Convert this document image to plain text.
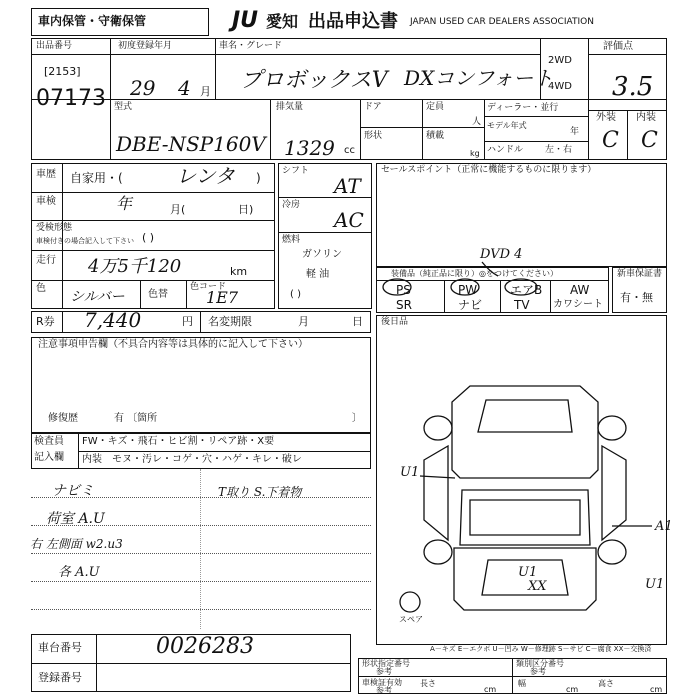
車内保管・守衛保管	JU 愛知 出品申込書 JAPAN USED CAR DEALERS ASSOCIATION
出品番号
[2153]
07173
初度登録年月
29 4 月
車名・グレード
プロボックスV DXコンフォート
2WD
4WD
評価点
3.5
外装 内装
C C
型式
DBE-NSP160V
排気量
1329 cc
ドア
形状
定員
人
積載
kg
ディーラー・並行
モデル年式
年
ハンドル 左・右
車歴 自家用・(	レンタ )
車検	年	月(	日)
受検形態
車検付きの場合記入して下さい ( )
走行 4万5千120	km
色
シルバー 色替
色コード
1E7
シフト
AT
冷房
AC
燃料
ガソリン
軽 油
( )
セールスポイント（正常に機能するものに限ります）
DVD 4
装備品（純正品に限り）◎をつけてください）
PS	PW	エアB AW
SR	ナビ	TV カワシート
新車保証書
有・無
R券 7,440	円 名変期限	月	日 後日品
注意事項申告欄（不具合内容等は具体的に記入して下さい）
修復歴	有 〔箇所	〕
検査員
記入欄
FW・キズ・飛石・ヒビ割・リペア跡・X要
内装 モヌ・汚レ・コゲ・穴・ハゲ・キレ・破レ
ナビミ	T取り S.下着物
荷室 A.U
右 左側面 w2.u3
各 A.U
U1
A1
U1
XX	U1
スペア
車台番号	0026283
登録番号
A－キズ E－エクボ U－凹み W－修理跡 S－サビ C－腐食 XX－交換済
形状指定番号
参考
類別区分番号
参考
車検証有効
参考
長さ
cm
幅
cm
高さ
cm
